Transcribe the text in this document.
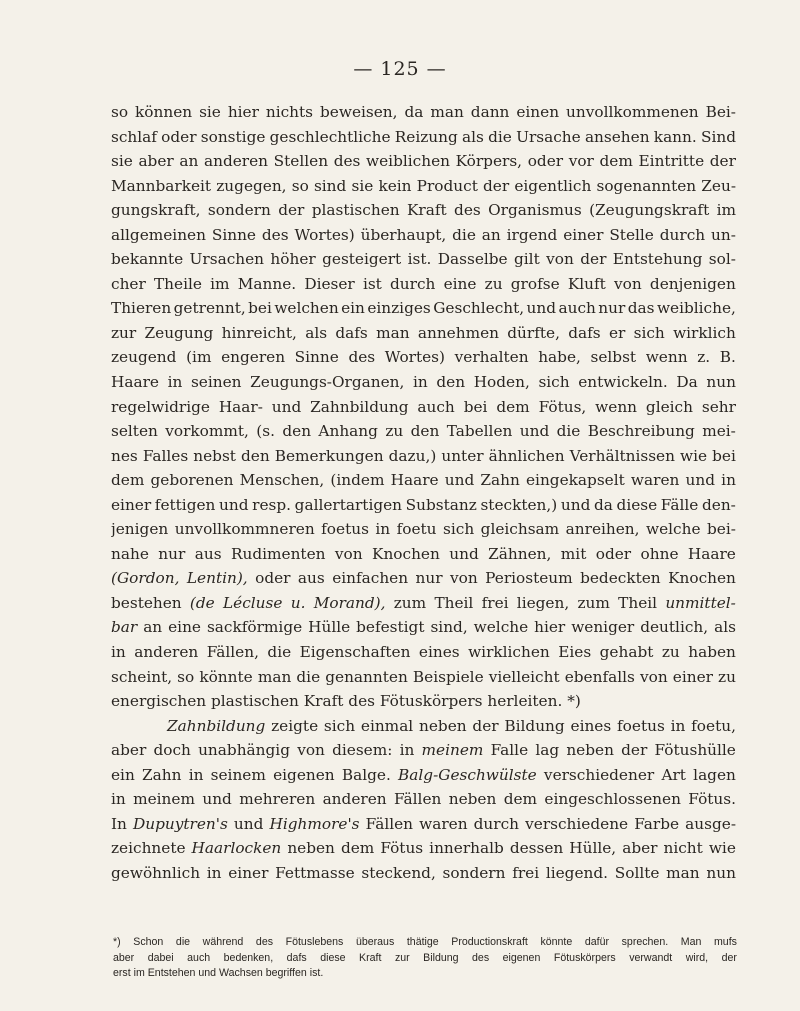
— 125 —
so können sie hier nichts beweisen, da man dann einen unvollkommenen Bei-
schlaf oder sonstige geschlechtliche Reizung als die Ursache ansehen kann. Sind
sie aber an anderen Stellen des weiblichen Körpers, oder vor dem Eintritte der
Mannbarkeit zugegen, so sind sie kein Product der eigentlich sogenannten Zeu-
gungskraft, sondern der plastischen Kraft des Organismus (Zeugungskraft im
allgemeinen Sinne des Wortes) überhaupt, die an irgend einer Stelle durch un-
bekannte Ursachen höher gesteigert ist. Dasselbe gilt von der Entstehung sol-
cher Theile im Manne. Dieser ist durch eine zu grofse Kluft von denjenigen
Thieren getrennt, bei welchen ein einziges Geschlecht, und auch nur das weibliche,
zur Zeugung hinreicht, als dafs man annehmen dürfte, dafs er sich wirklich
zeugend (im engeren Sinne des Wortes) verhalten habe, selbst wenn z. B.
Haare in seinen Zeugungs-Organen, in den Hoden, sich entwickeln. Da nun
regelwidrige Haar- und Zahnbildung auch bei dem Fötus, wenn gleich sehr
selten vorkommt, (s. den Anhang zu den Tabellen und die Beschreibung mei-
nes Falles nebst den Bemerkungen dazu,) unter ähnlichen Verhältnissen wie bei
dem geborenen Menschen, (indem Haare und Zahn eingekapselt waren und in
einer fettigen und resp. gallertartigen Substanz steckten,) und da diese Fälle den-
jenigen unvollkommneren foetus in foetu sich gleichsam anreihen, welche bei-
nahe nur aus Rudimenten von Knochen und Zähnen, mit oder ohne Haare
(Gordon, Lentin), oder aus einfachen nur von Periosteum bedeckten Knochen
bestehen (de Lécluse u. Morand), zum Theil frei liegen, zum Theil unmittel-
bar an eine sackförmige Hülle befestigt sind, welche hier weniger deutlich, als
in anderen Fällen, die Eigenschaften eines wirklichen Eies gehabt zu haben
scheint, so könnte man die genannten Beispiele vielleicht ebenfalls von einer zu
energischen plastischen Kraft des Fötuskörpers herleiten. *)
Zahnbildung zeigte sich einmal neben der Bildung eines foetus in foetu,
aber doch unabhängig von diesem: in meinem Falle lag neben der Fötushülle
ein Zahn in seinem eigenen Balge. Balg-Geschwülste verschiedener Art lagen
in meinem und mehreren anderen Fällen neben dem eingeschlossenen Fötus.
In Dupuytren's und Highmore's Fällen waren durch verschiedene Farbe ausge-
zeichnete Haarlocken neben dem Fötus innerhalb dessen Hülle, aber nicht wie
gewöhnlich in einer Fettmasse steckend, sondern frei liegend. Sollte man nun
*) Schon die während des Fötuslebens überaus thätige Productionskraft könnte dafür sprechen. Man mufs
aber dabei auch bedenken, dafs diese Kraft zur Bildung des eigenen Fötuskörpers verwandt wird, der
erst im Entstehen und Wachsen begriffen ist.
